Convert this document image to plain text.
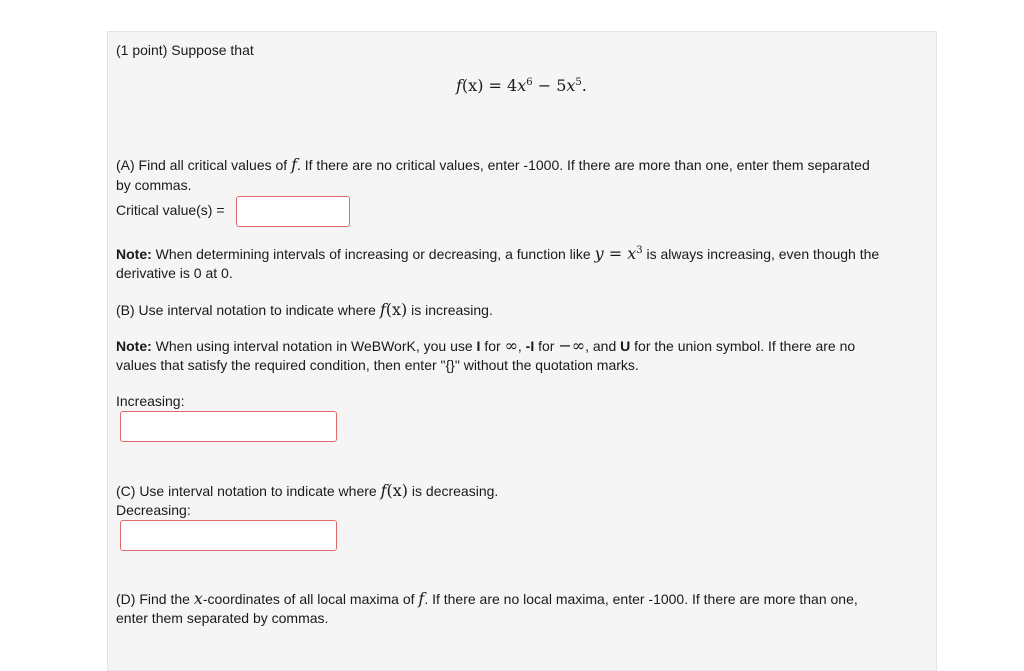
(1 point) Suppose that
$f(x) = 4x^6 - 5x^5$.
(A) Find all critical values of f. If there are no critical values, enter -1000. If there are more than one, enter them separated
by commas.
Critical value(s) =
Note: When determining intervals of increasing or decreasing, a function like $y = x^3$ is always increasing, even though the
derivative is 0 at 0.
(B) Use interval notation to indicate where f(x) is increasing.
Note: When using interval notation in WeBWorK, you use I for ∞, -I for −∞, and U for the union symbol. If there are no
values that satisfy the required condition, then enter "{}" without the quotation marks.
Increasing:
(C) Use interval notation to indicate where f(x) is decreasing.
Decreasing:
(D) Find the x-coordinates of all local maxima of f. If there are no local maxima, enter -1000. If there are more than one,
enter them separated by commas.
